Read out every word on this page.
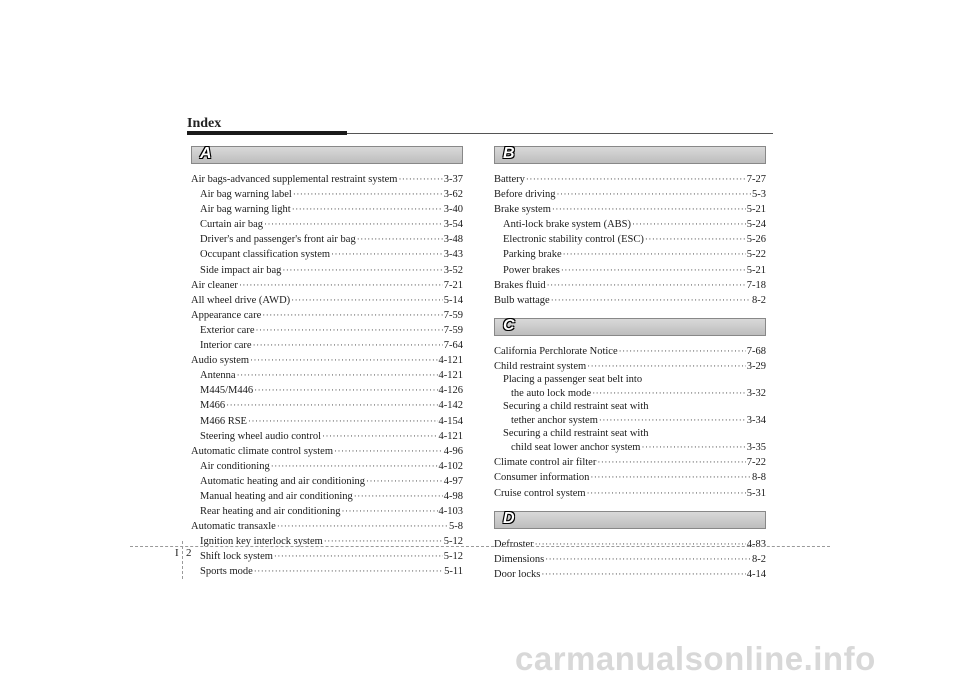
Index
A
Air bags-advanced supplemental restraint system ·····	3-37
Air bag warning label ·····	3-62
Air bag warning light ·····	3-40
Curtain air bag ·····	3-54
Driver's and passenger's front air bag ·····	3-48
Occupant classification system ·····	3-43
Side impact air bag ·····	3-52
Air cleaner ·····	7-21
All wheel drive (AWD) ·····	5-14
Appearance care ·····	7-59
Exterior care ·····	7-59
Interior care ·····	7-64
Audio system ·····	4-121
Antenna ·····	4-121
M445/M446 ·····	4-126
M466 ·····	4-142
M466 RSE ·····	4-154
Steering wheel audio control ·····	4-121
Automatic climate control system ·····	4-96
Air conditioning ·····	4-102
Automatic heating and air conditioning ·····	4-97
Manual heating and air conditioning ·····	4-98
Rear heating and air conditioning ·····	4-103
Automatic transaxle ·····	5-8
Ignition key interlock system ·····	5-12
Shift lock system ·····	5-12
Sports mode ·····	5-11
B
Battery ·····	7-27
Before driving ·····	5-3
Brake system ·····	5-21
Anti-lock brake system (ABS) ·····	5-24
Electronic stability control (ESC) ·····	5-26
Parking brake ·····	5-22
Power brakes ·····	5-21
Brakes fluid ·····	7-18
Bulb wattage ·····	8-2
C
California Perchlorate Notice ·····	7-68
Child restraint system ·····	3-29
Placing a passenger seat belt into
the auto lock mode ·····	3-32
Securing a child restraint seat with
tether anchor system ·····	3-34
Securing a child restraint seat with
child seat lower anchor system ·····	3-35
Climate control air filter ·····	7-22
Consumer information ·····	8-8
Cruise control system ·····	5-31
D
Defroster ·····	4-83
Dimensions ·····	8-2
Door locks ·····	4-14
I 2
carmanualsonline.info
